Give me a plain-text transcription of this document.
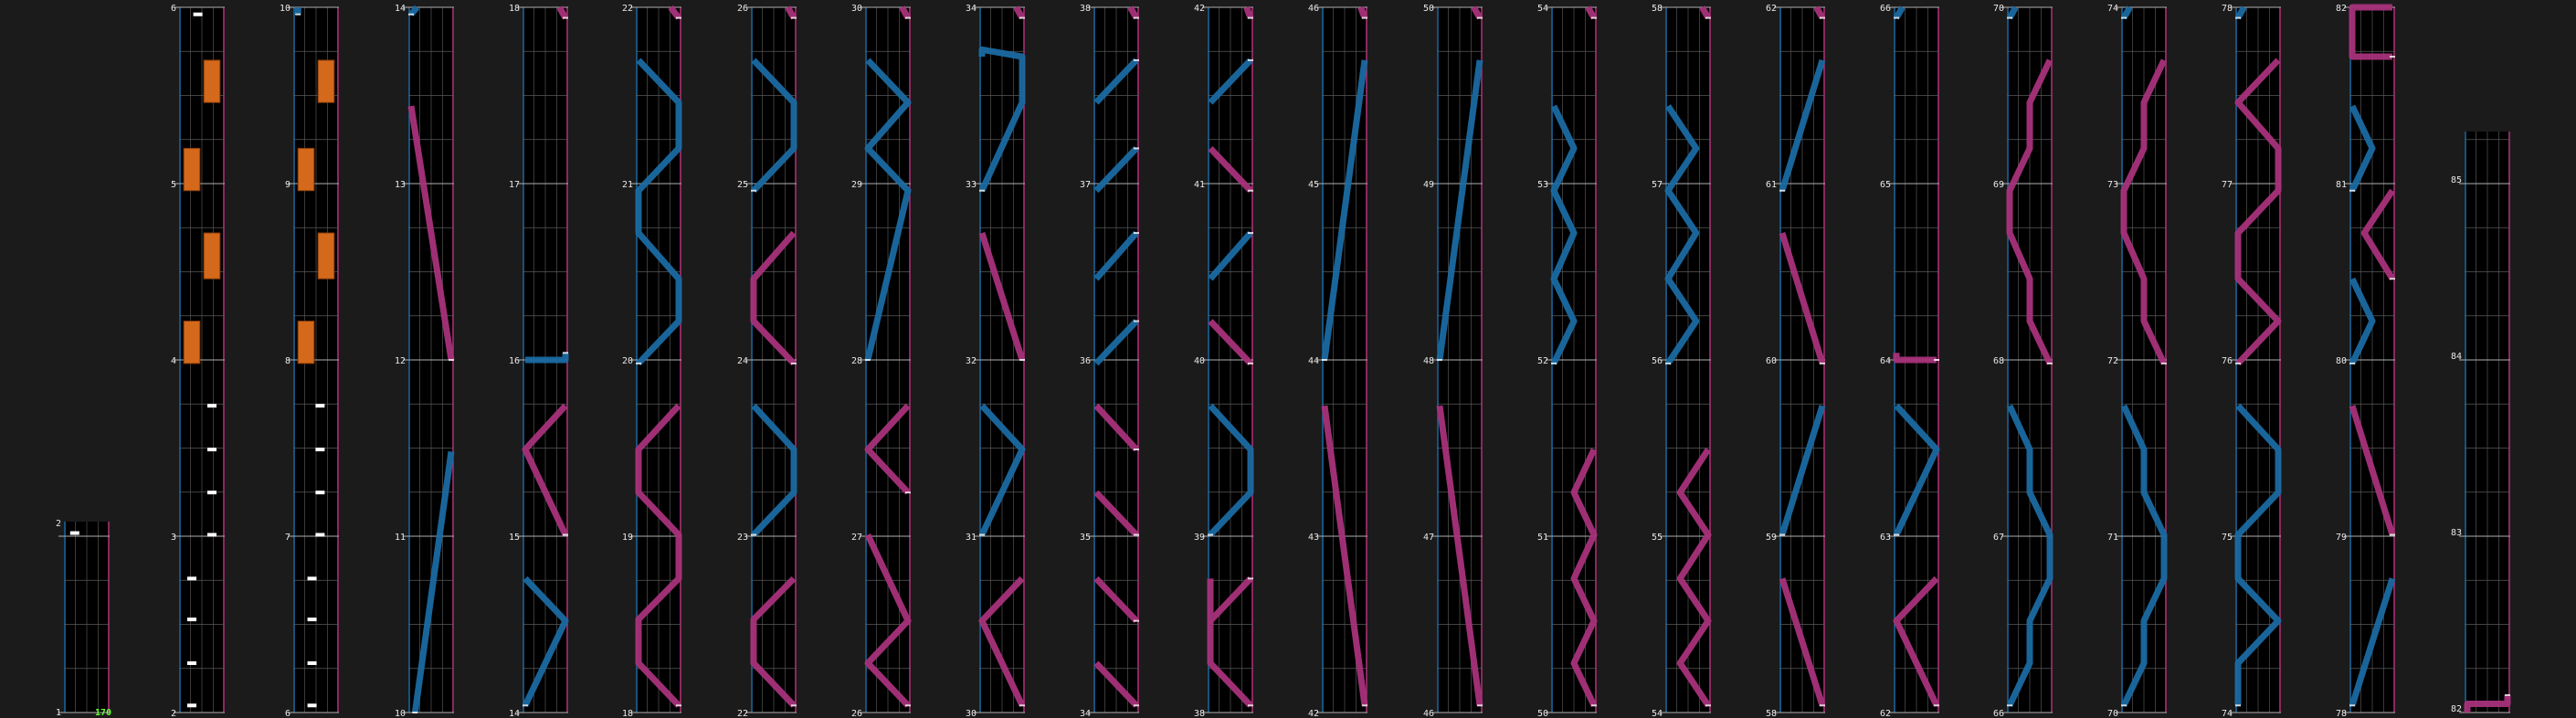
2
1	170
6
5
4
3
2
10
9
8
7
6
14
13
12
11
10
18
17
16
15
14
22
21
20
19
18
26
25
24
23
22
30
29
28
27
26
34
33
32
31
30
38
37
36
35
34
42
41
40
39
38
46
45
44
43
42
50
49
48
47
46
54
53
52
51
50
58
57
56
55
54
62
61
60
59
58
66
65
64
63
62
70
69
68
67
66
74
73
72
71
70
78
77
76
75
74
82
81
80
79
78
85
84
83
82
